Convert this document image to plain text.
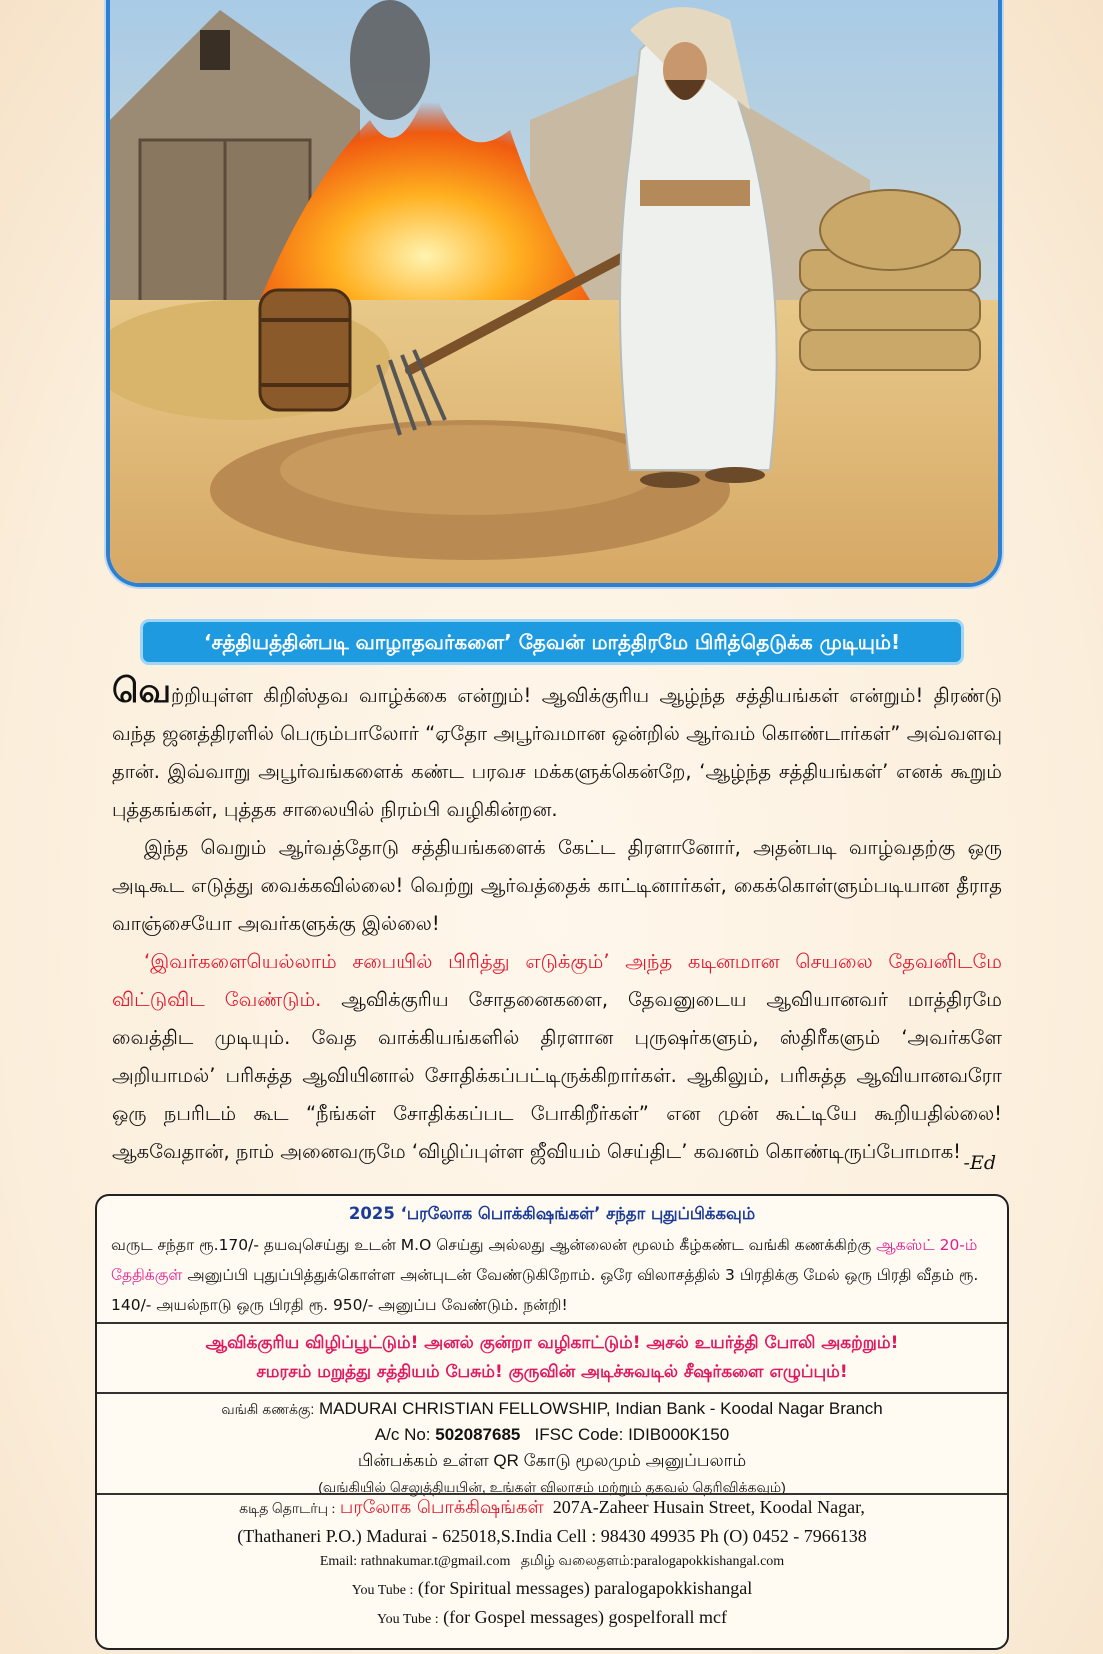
‘சத்தியத்தின்படி வாழாதவர்களை’ தேவன் மாத்திரமே பிரித்தெடுக்க முடியும்!

வெற்றியுள்ள கிறிஸ்தவ வாழ்க்கை என்றும்! ஆவிக்குரிய ஆழ்ந்த சத்தியங்கள் என்றும்! திரண்டு வந்த ஜனத்திரளில் பெரும்பாலோர் “ஏதோ அபூர்வமான ஒன்றில் ஆர்வம் கொண்டார்கள்” அவ்வளவு தான். இவ்வாறு அபூர்வங்களைக் கண்ட பரவச மக்களுக்கென்றே, ‘ஆழ்ந்த சத்தியங்கள்’ எனக் கூறும் புத்தகங்கள், புத்தக சாலையில் நிரம்பி வழிகின்றன.

இந்த வெறும் ஆர்வத்தோடு சத்தியங்களைக் கேட்ட திரளானோர், அதன்படி வாழ்வதற்கு ஒரு அடிகூட எடுத்து வைக்கவில்லை! வெற்று ஆர்வத்தைக் காட்டினார்கள், கைக்கொள்ளும்படியான தீராத வாஞ்சையோ அவர்களுக்கு இல்லை!

‘இவர்களையெல்லாம் சபையில் பிரித்து எடுக்கும்’ அந்த கடினமான செயலை தேவனிடமே விட்டுவிட வேண்டும். ஆவிக்குரிய சோதனைகளை, தேவனுடைய ஆவியானவர் மாத்திரமே வைத்திட முடியும். வேத வாக்கியங்களில் திரளான புருஷர்களும், ஸ்திரீகளும் ‘அவர்களே அறியாமல்’ பரிசுத்த ஆவியினால் சோதிக்கப்பட்டிருக்கிறார்கள். ஆகிலும், பரிசுத்த ஆவியானவரோ ஒரு நபரிடம் கூட “நீங்கள் சோதிக்கப்பட போகிறீர்கள்” என முன் கூட்டியே கூறியதில்லை! ஆகவேதான், நாம் அனைவருமே ‘விழிப்புள்ள ஜீவியம் செய்திட’ கவனம் கொண்டிருப்போமாக! -Ed
2025 ‘பரலோக பொக்கிஷங்கள்’ சந்தா புதுப்பிக்கவும்
வருட சந்தா ரூ.170/- தயவுசெய்து உடன் M.O செய்து அல்லது ஆன்லைன் மூலம் கீழ்கண்ட வங்கி கணக்கிற்கு ஆகஸ்ட் 20-ம் தேதிக்குள் அனுப்பி புதுப்பித்துக்கொள்ள அன்புடன் வேண்டுகிறோம். ஒரே விலாசத்தில் 3 பிரதிக்கு மேல் ஒரு பிரதி வீதம் ரூ. 140/- அயல்நாடு ஒரு பிரதி ரூ. 950/- அனுப்ப வேண்டும். நன்றி!
ஆவிக்குரிய விழிப்பூட்டும்! அனல் குன்றா வழிகாட்டும்! அசல் உயர்த்தி போலி அகற்றும்!
சமரசம் மறுத்து சத்தியம் பேசும்! குருவின் அடிச்சுவடில் சீஷர்களை எழுப்பும்!
வங்கி கணக்கு: MADURAI CHRISTIAN FELLOWSHIP, Indian Bank - Koodal Nagar Branch
A/c No: 502087685 IFSC Code: IDIB000K150
பின்பக்கம் உள்ள QR கோடு மூலமும் அனுப்பலாம்
(வங்கியில் செலுத்தியபின், உங்கள் விலாசம் மற்றும் தகவல் தெரிவிக்கவும்)
கடித தொடர்பு : பரலோக பொக்கிஷங்கள் 207A-Zaheer Husain Street, Koodal Nagar,
(Thathaneri P.O.) Madurai - 625018,S.India Cell : 98430 49935 Ph (O) 0452 - 7966138
Email: rathnakumar.t@gmail.com தமிழ் வலைதளம்:paralogapokkishangal.com
You Tube : (for Spiritual messages) paralogapokkishangal
You Tube : (for Gospel messages) gospelforall mcf
